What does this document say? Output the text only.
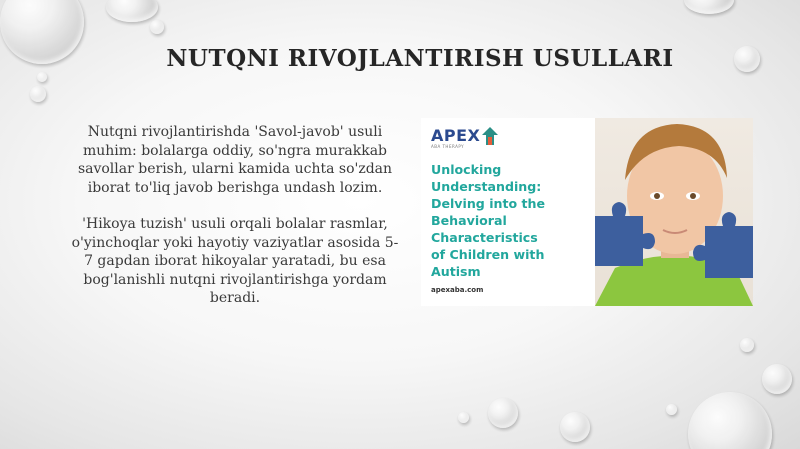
NUTQNI RIVOJLANTIRISH USULLARI

Nutqni rivojlantirishda 'Savol-javob' usuli muhim: bolalarga oddiy, so'ngra murakkab savollar berish, ularni kamida uchta so'zdan iborat to'liq javob berishga undash lozim.

'Hikoya tuzish' usuli orqali bolalar rasmlar, o'yinchoqlar yoki hayotiy vaziyatlar asosida 5-7 gapdan iborat hikoyalar yaratadi, bu esa bog'lanishli nutqni rivojlantirishga yordam beradi.

APEX
ABA THERAPY
Unlocking
Understanding:
Delving into the
Behavioral
Characteristics
of Children with
Autism
apexaba.com
